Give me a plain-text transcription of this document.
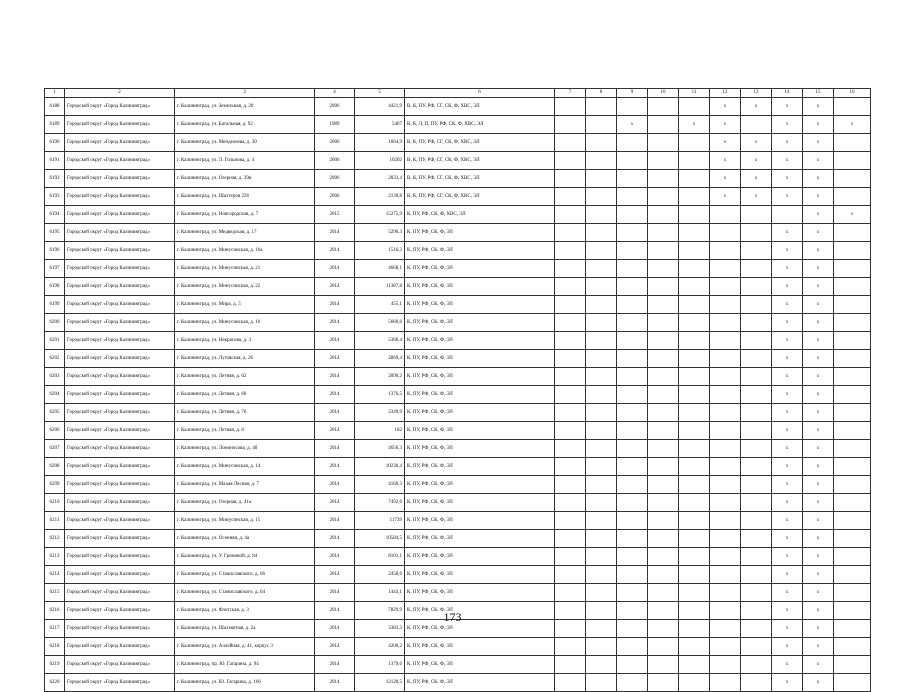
1	2	3	4	5	6	7	8	9	10	11	12	13	14	15	16
6188	Городской округ «Город Калининград»	г. Калининград, ул. Земельная, д. 20	2006	4421,9	В, К, ПУ, РФ, СГ, СК, Ф, ХВС, ЭЛ						x	x	x	x	
6189	Городской округ «Город Калининград»	г. Калининград, ул. Батальная, д. 92	1989	5467	В, К, Л, П, ПУ, РФ, СК, Ф, ХВС, ЭЛ			x		x	x		x	x	x
6190	Городской округ «Город Калининград»	г. Калининград, ул. Менделеева, д. 30	2006	1664,9	В, К, ПУ, РФ, СГ, СК, Ф, ХВС, ЭЛ						x	x	x	x	
6191	Городской округ «Город Калининград»	г. Калининград, ул. Л. Гольнова, д. 4	2006	10202	В, К, ПУ, РФ, СГ, СК, Ф, ХВС, ЭЛ						x	x	x	x	
6192	Городской округ «Город Калининград»	г. Калининград, ул. Озерная, д. 39в	2006	2833,4	В, К, ПУ, РФ, СГ, СК, Ф, ХВС, ЭЛ						x	x	x	x	
6193	Городской округ «Город Калининград»	г. Калининград, ул. Шахтеров 22б	2006	2139,8	В, К, ПУ, РФ, СГ, СК, Ф, ХВС, ЭЛ						x	x	x	x	
6194	Городской округ «Город Калининград»	г. Калининград, ул. Новгородская, д. 7	2015	15275,9	К, ПУ, РФ, СК, Ф, ХВС, ЭЛ									x	x
6195	Городской округ «Город Калининград»	г. Калининград, ул. Медведская, д. 17	2014	5290,3	К, ПУ, РФ, СК, Ф, ЭЛ								x	x	
6196	Городской округ «Город Калининград»	г. Калининград, ул. Минусинская, д. 16а	2014	1516,3	К, ПУ, РФ, СК, Ф, ЭЛ								x	x	
6197	Городской округ «Город Калининград»	г. Калининград, ул. Минусинская, д. 21	2014	4668,1	К, ПУ, РФ, СК, Ф, ЭЛ								x	x	
6198	Городской округ «Город Калининград»	г. Калининград, ул. Минусинская, д. 22	2014	11387,8	К, ПУ, РФ, СК, Ф, ЭЛ								x	x	
6199	Городской округ «Город Калининград»	г. Калининград, ул. Мира, д. 5	2014	455,1	К, ПУ, РФ, СК, Ф, ЭЛ								x	x	
6200	Городской округ «Город Калининград»	г. Калининград, ул. Минусинская, д. 16	2014	5660,6	К, ПУ, РФ, СК, Ф, ЭЛ								x	x	
6201	Городской округ «Город Калининград»	г. Калининград, ул. Некрасова, д. 3	2014	5368,4	К, ПУ, РФ, СК, Ф, ЭЛ								x	x	
6202	Городской округ «Город Калининград»	г. Калининград, ул. Луговская, д. 26	2014	2869,4	К, ПУ, РФ, СК, Ф, ЭЛ								x	x	
6203	Городской округ «Город Калининград»	г. Калининград, ул. Летняя, д. 62	2014	2890,2	К, ПУ, РФ, СК, Ф, ЭЛ								x	x	
6204	Городской округ «Город Калининград»	г. Калининград, ул. Летняя, д. 60	2014	1376,5	К, ПУ, РФ, СК, Ф, ЭЛ								x	x	
6205	Городской округ «Город Калининград»	г. Калининград, ул. Летняя, д. 76	2014	2349,9	К, ПУ, РФ, СК, Ф, ЭЛ								x	x	
6206	Городской округ «Город Калининград»	г. Калининград, ул. Летняя, д. 8	2014	182	К, ПУ, РФ, СК, Ф, ЭЛ								x	x	
6207	Городской округ «Город Калининград»	г. Калининград, ул. Ломоносова, д. 4б	2014	4656,3	К, ПУ, РФ, СК, Ф, ЭЛ								x	x	
6208	Городской округ «Город Калининград»	г. Калининград, ул. Минусинская, д. 14	2014	10230,4	К, ПУ, РФ, СК, Ф, ЭЛ								x	x	
6209	Городской округ «Город Калининград»	г. Калининград, ул. Малая Лесная, д. 7	2014	4160,3	К, ПУ, РФ, СК, Ф, ЭЛ								x	x	
6210	Городской округ «Город Калининград»	г. Калининград, ул. Озерная, д. 41а	2014	7492,6	К, ПУ, РФ, СК, Ф, ЭЛ								x	x	
6211	Городской округ «Город Калининград»	г. Калининград, ул. Минусинская, д. 15	2014	11739	К, ПУ, РФ, СК, Ф, ЭЛ								x	x	
6212	Городской округ «Город Калининград»	г. Калининград, ул. Осенняя, д. 4а	2014	10584,5	К, ПУ, РФ, СК, Ф, ЭЛ								x	x	
6213	Городской округ «Город Калининград»	г. Калининград, ул. У. Громовой, д. 84	2014	8101,1	К, ПУ, РФ, СК, Ф, ЭЛ								x	x	
6214	Городской округ «Город Калининград»	г. Калининград, ул. Станиславского, д. 66	2014	2458,6	К, ПУ, РФ, СК, Ф, ЭЛ								x	x	
6215	Городской округ «Город Калининград»	г. Калининград, ул. Станиславского, д. 64	2014	1443,1	К, ПУ, РФ, СК, Ф, ЭЛ								x	x	
6216	Городской округ «Город Калининград»	г. Калининград, ул. Флотская, д. 3	2014	7829,9	К, ПУ, РФ, СК, Ф, ЭЛ								x	x	
6217	Городской округ «Город Калининград»	г. Калининград, ул. Шахматная, д. 2а	2014	3383,3	К, ПУ, РФ, СК, Ф, ЭЛ								x	x	
6218	Городской округ «Город Калининград»	г. Калининград, ул. Аллейная, д. 41, корпус 3	2014	4200,2	К, ПУ, РФ, СК, Ф, ЭЛ								x	x	
6219	Городской округ «Город Калининград»	г. Калининград, пр. Ю. Гагарина, д. 94	2014	1379,6	К, ПУ, РФ, СК, Ф, ЭЛ								x	x	
6220	Городской округ «Город Калининград»	г. Калининград, ул. Ю. Гагарина, д. 166	2014	12128,5	К, ПУ, РФ, СК, Ф, ЭЛ								x	x	
173
